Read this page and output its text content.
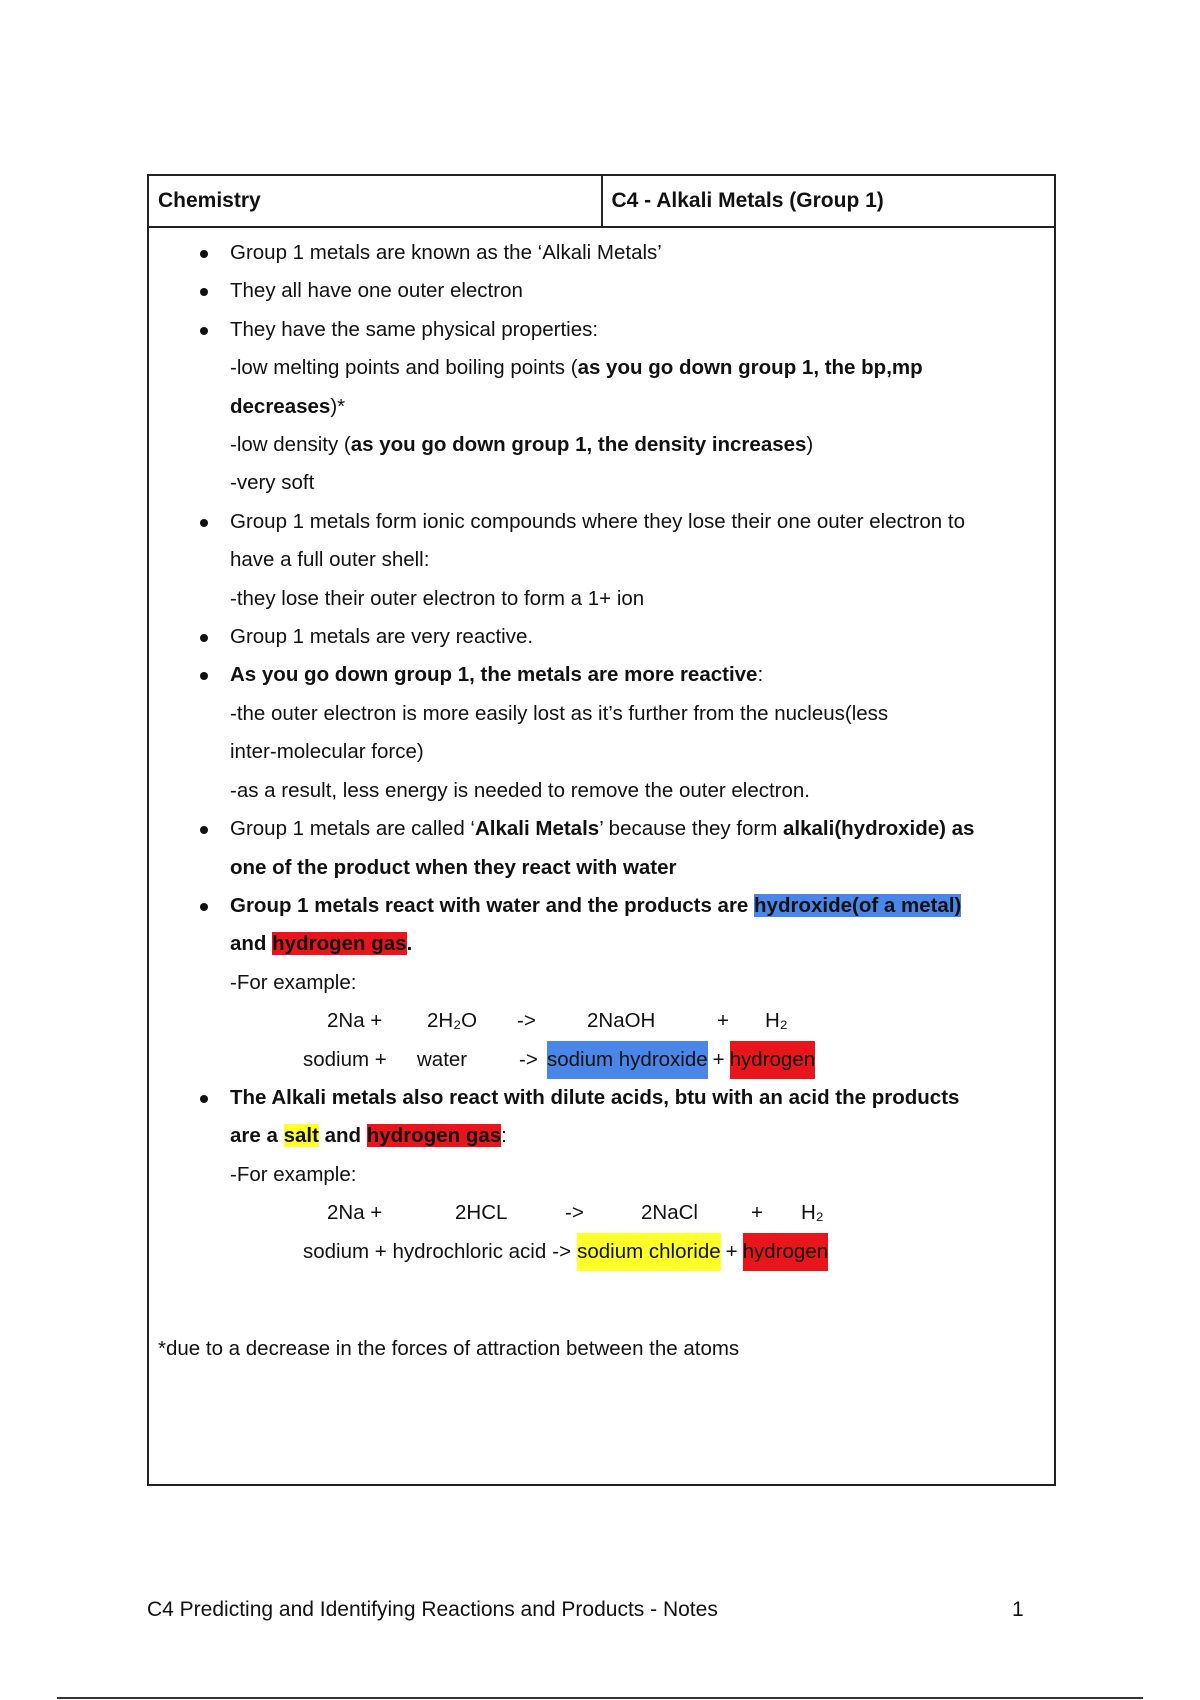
Chemistry	C4 - Alkali Metals (Group 1)
Group 1 metals are known as the ‘Alkali Metals’
They all have one outer electron
They have the same physical properties:
-low melting points and boiling points (as you go down group 1, the bp,mp
decreases)*
-low density (as you go down group 1, the density increases)
-very soft
Group 1 metals form ionic compounds where they lose their one outer electron to
have a full outer shell:
-they lose their outer electron to form a 1+ ion
Group 1 metals are very reactive.
As you go down group 1, the metals are more reactive:
-the outer electron is more easily lost as it’s further from the nucleus(less
inter-molecular force)
-as a result, less energy is needed to remove the outer electron.
Group 1 metals are called ‘Alkali Metals’ because they form alkali(hydroxide) as
one of the product when they react with water
Group 1 metals react with water and the products are hydroxide(of a metal)
and hydrogen gas.
-For example:
2Na +	2H₂O	->	2NaOH	+	H₂
sodium +	water	-> sodium hydroxide + hydrogen
The Alkali metals also react with dilute acids, btu with an acid the products
are a salt and hydrogen gas:
-For example:
2Na +	2HCL	->	2NaCl	+	H₂
sodium + hydrochloric acid -> sodium chloride + hydrogen
*due to a decrease in the forces of attraction between the atoms
C4 Predicting and Identifying Reactions and Products - Notes	1
